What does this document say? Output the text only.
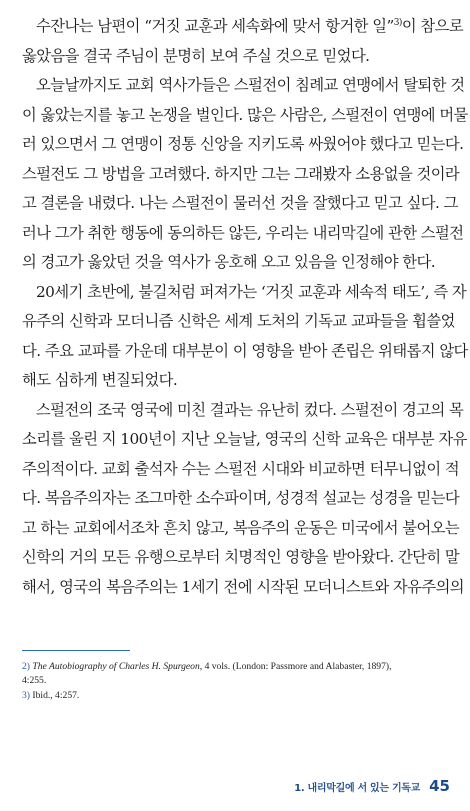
수잔나는 남편이 “거짓 교훈과 세속화에 맞서 항거한 일”$^{3)}$이 참으로
옳았음을 결국 주님이 분명히 보여 주실 것으로 믿었다.
오늘날까지도 교회 역사가들은 스펄전이 침례교 연맹에서 탈퇴한 것
이 옳았는지를 놓고 논쟁을 벌인다. 많은 사람은, 스펄전이 연맹에 머물
러 있으면서 그 연맹이 정통 신앙을 지키도록 싸웠어야 했다고 믿는다.
스펄전도 그 방법을 고려했다. 하지만 그는 그래봤자 소용없을 것이라
고 결론을 내렸다. 나는 스펄전이 물러선 것을 잘했다고 믿고 싶다. 그
러나 그가 취한 행동에 동의하든 않든, 우리는 내리막길에 관한 스펄전
의 경고가 옳았던 것을 역사가 옹호해 오고 있음을 인정해야 한다.
20세기 초반에, 불길처럼 퍼져가는 ‘거짓 교훈과 세속적 태도’, 즉 자
유주의 신학과 모더니즘 신학은 세계 도처의 기독교 교파들을 휩쓸었
다. 주요 교파를 가운데 대부분이 이 영향을 받아 존립은 위태롭지 않다
해도 심하게 변질되었다.
스펄전의 조국 영국에 미친 결과는 유난히 컸다. 스펄전이 경고의 목
소리를 울린 지 100년이 지난 오늘날, 영국의 신학 교육은 대부분 자유
주의적이다. 교회 출석자 수는 스펄전 시대와 비교하면 터무니없이 적
다. 복음주의자는 조그마한 소수파이며, 성경적 설교는 성경을 믿는다
고 하는 교회에서조차 흔치 않고, 복음주의 운동은 미국에서 불어오는
신학의 거의 모든 유행으로부터 치명적인 영향을 받아왔다. 간단히 말
해서, 영국의 복음주의는 1세기 전에 시작된 모더니스트와 자유주의의
2) The Autobiography of Charles H. Spurgeon, 4 vols. (London: Passmore and Alabaster, 1897),
4:255.
3) Ibid., 4:257.
1. 내리막길에 서 있는 기독교 45
